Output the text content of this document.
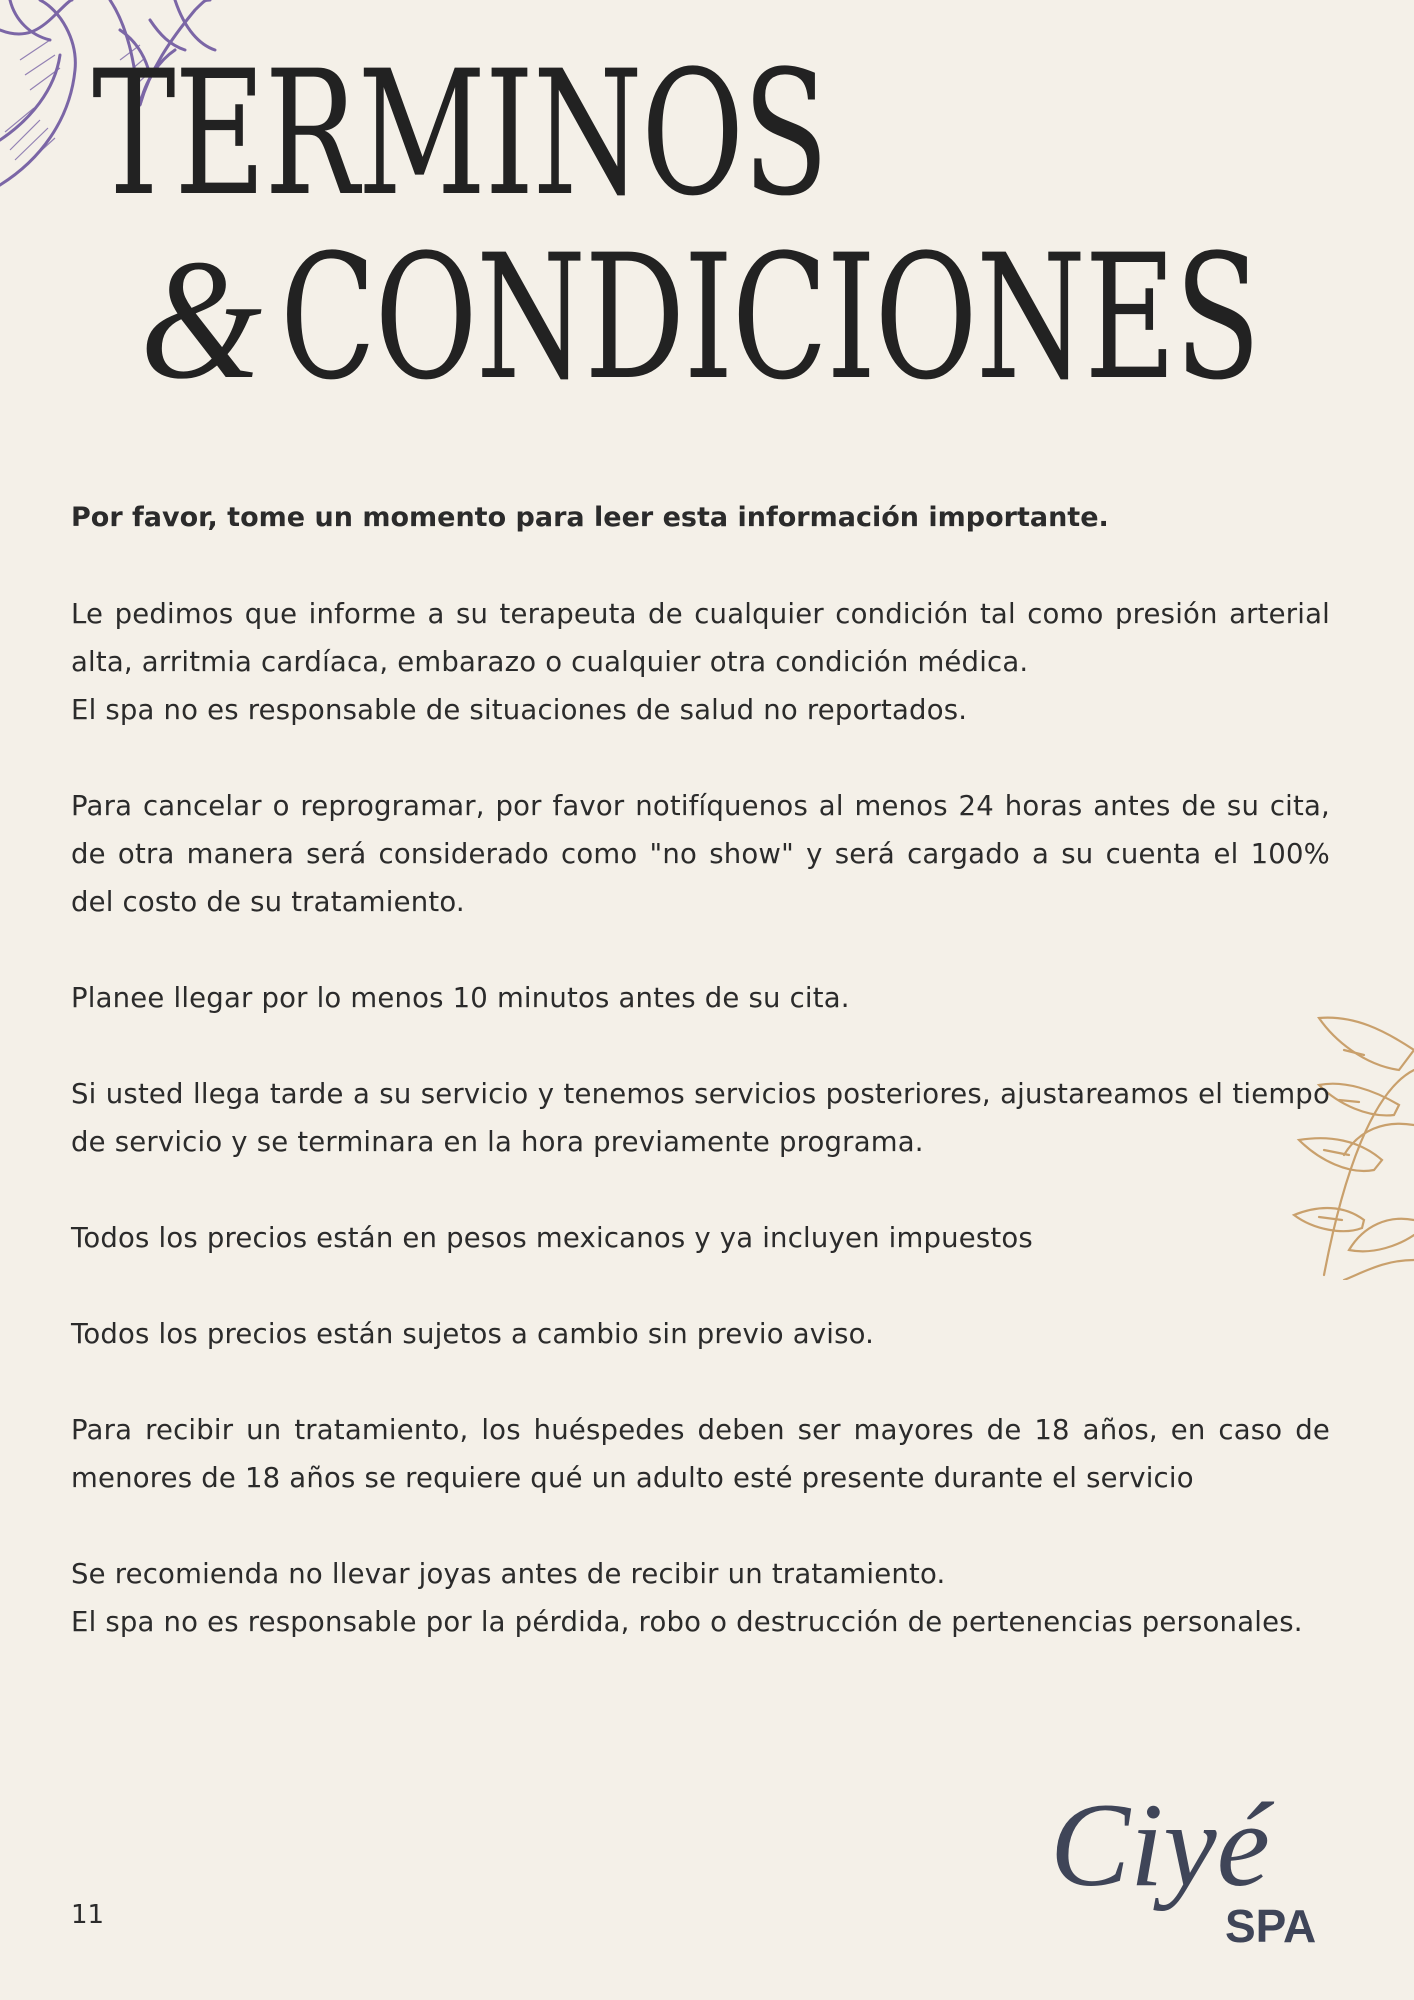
TERMINOS
& CONDICIONES

Por favor, tome un momento para leer esta información importante.

Le pedimos que informe a su terapeuta de cualquier condición tal como presión arterial alta, arritmia cardíaca, embarazo o cualquier otra condición médica.
El spa no es responsable de situaciones de salud no reportados.

Para cancelar o reprogramar, por favor notifíquenos al menos 24 horas antes de su cita, de otra manera será considerado como "no show" y será cargado a su cuenta el 100% del costo de su tratamiento.

Planee llegar por lo menos 10 minutos antes de su cita.

Si usted llega tarde a su servicio y tenemos servicios posteriores, ajustareamos el tiempo de servicio y se terminara en la hora previamente programa.

Todos los precios están en pesos mexicanos y ya incluyen impuestos

Todos los precios están sujetos a cambio sin previo aviso.

Para recibir un tratamiento, los huéspedes deben ser mayores de 18 años, en caso de menores de 18 años se requiere qué un adulto esté presente durante el servicio

Se recomienda no llevar joyas antes de recibir un tratamiento.
El spa no es responsable por la pérdida, robo o destrucción de pertenencias personales.

11
Ciyé
SPA
